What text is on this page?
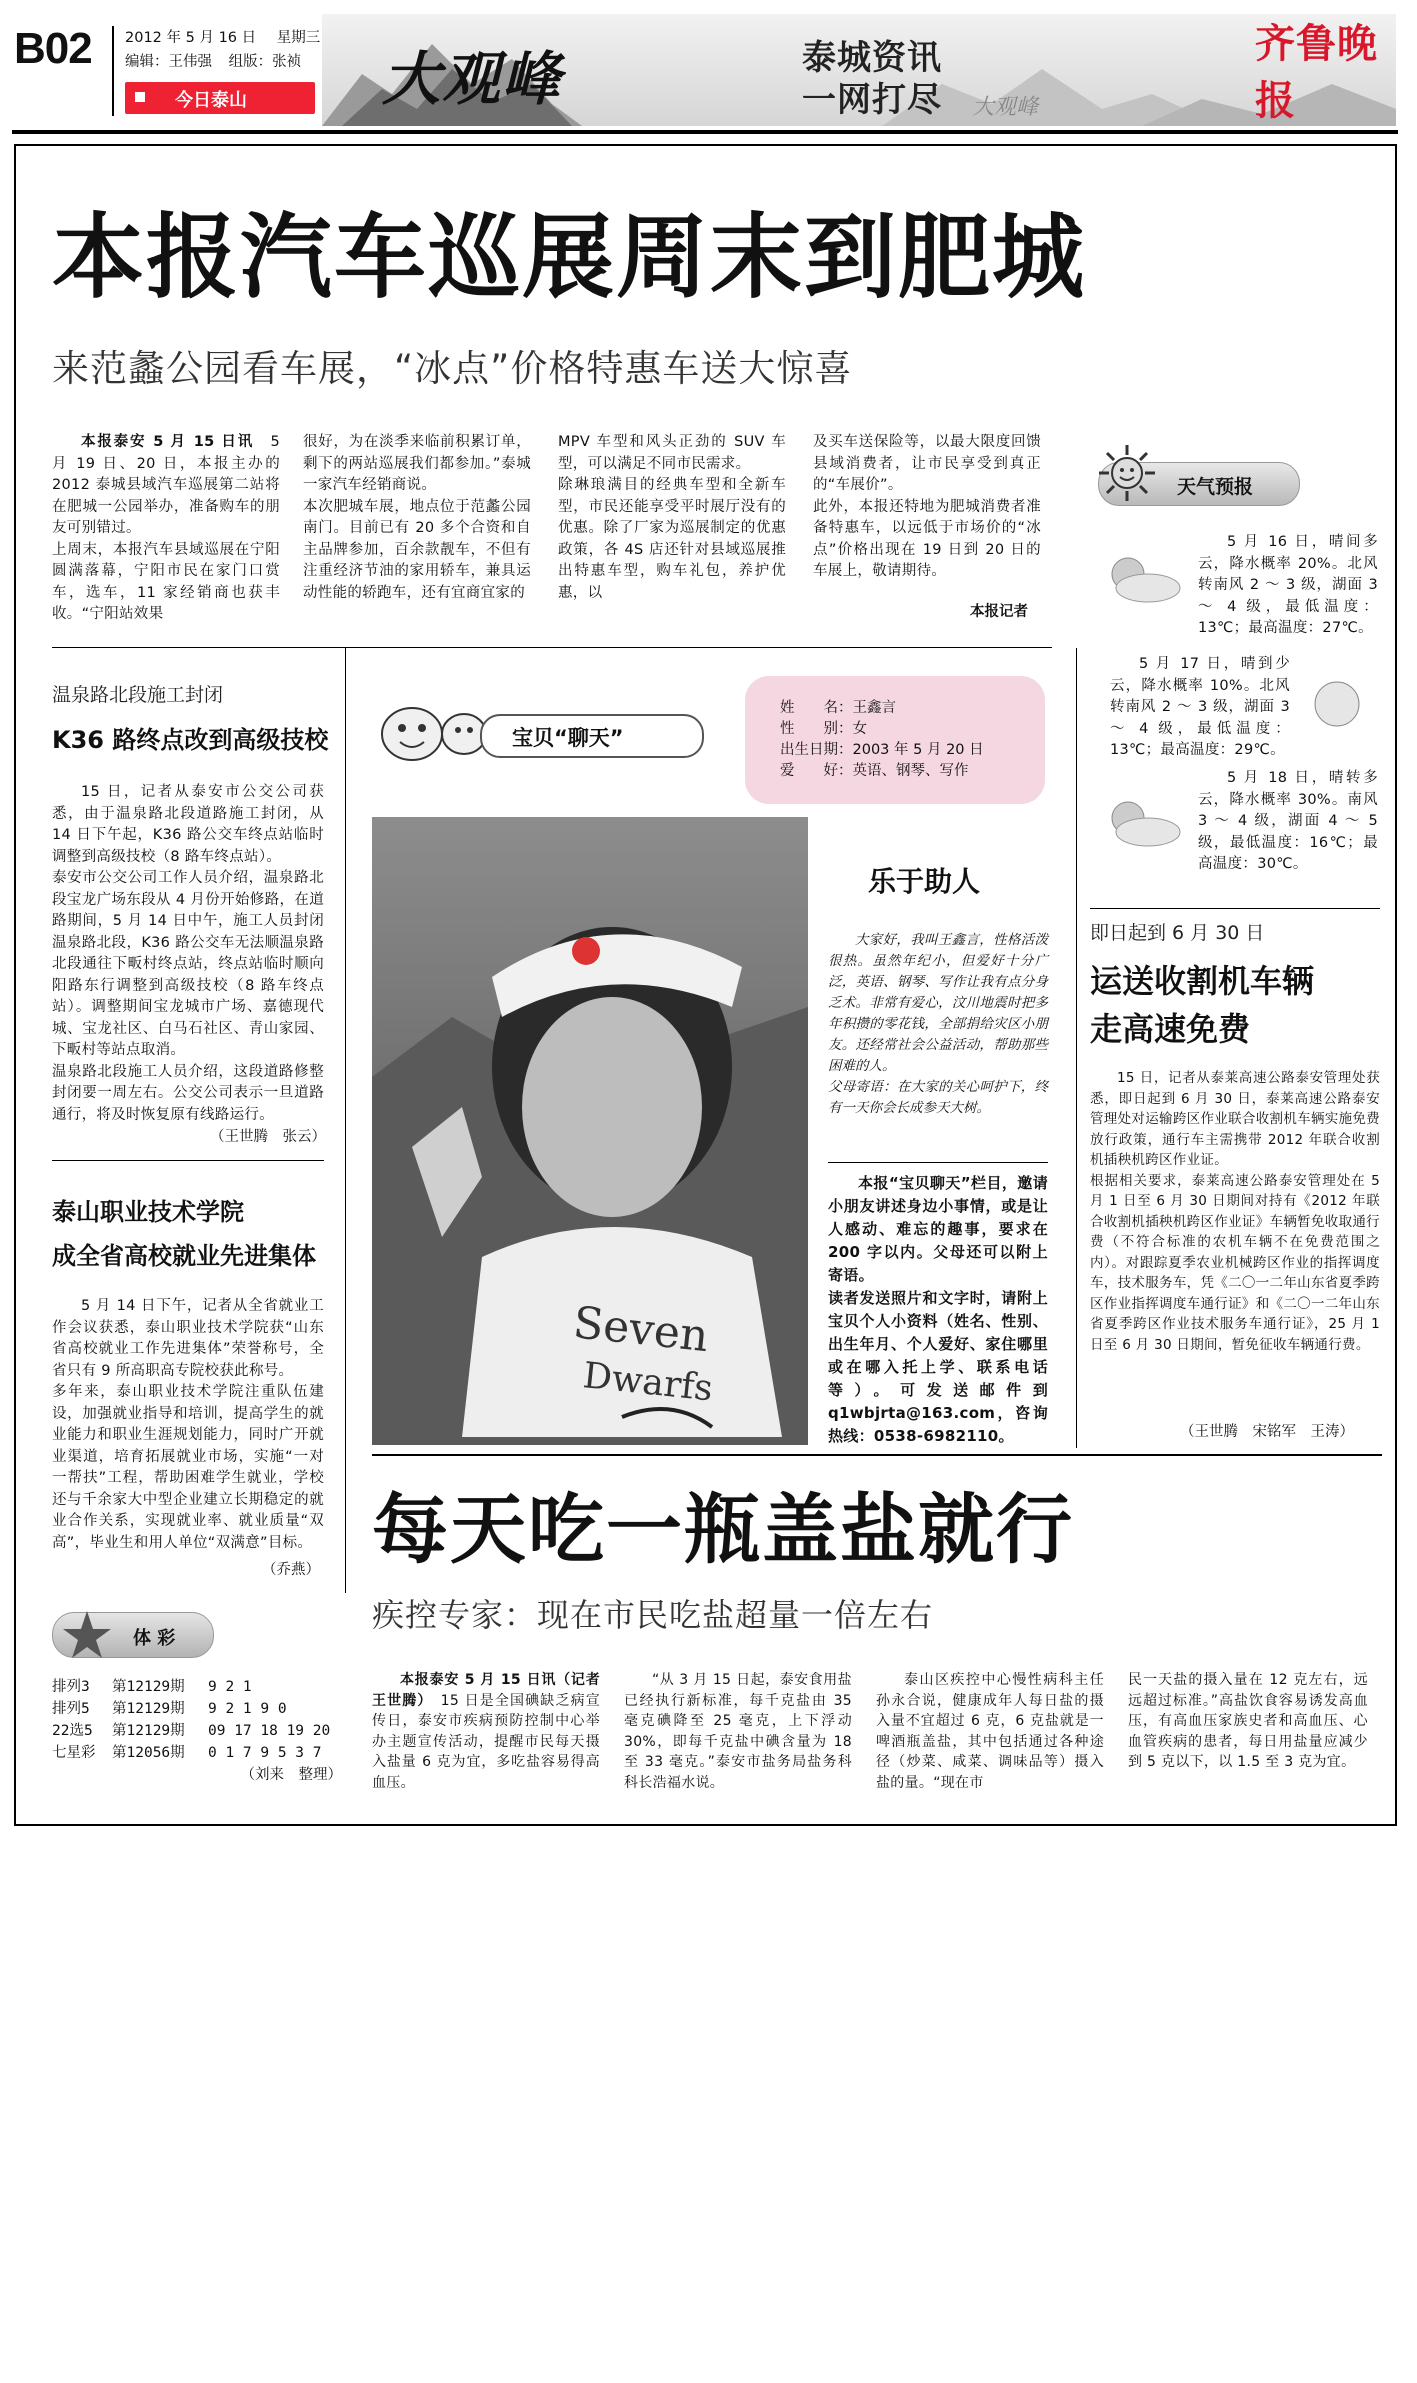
B02 2012 年 5 月 16 日 星期三
编辑：王伟强 组版：张祯
今日泰山 大观峰	泰城资讯
一网打尽 大观峰
齐鲁晚报
本报汽车巡展周末到肥城
来范蠡公园看车展，“冰点”价格特惠车送大惊喜

本报泰安 5 月 15 日讯　 5 月 19 日、20 日，本报主办的 2012 泰城县域汽车巡展第二站将在肥城一公园举办，准备购车的朋友可别错过。
上周末，本报汽车县域巡展在宁阳圆满落幕，宁阳市民在家门口赏车，选车，11 家经销商也获丰收。“宁阳站效果

很好，为在淡季来临前积累订单，剩下的两站巡展我们都参加。”泰城一家汽车经销商说。
本次肥城车展，地点位于范蠡公园南门。目前已有 20 多个合资和自主品牌参加，百余款靓车，不但有注重经济节油的家用轿车，兼具运动性能的轿跑车，还有宜商宜家的
MPV 车型和风头正劲的 SUV 车型，可以满足不同市民需求。
除琳琅满目的经典车型和全新车型，市民还能享受平时展厅没有的优惠。除了厂家为巡展制定的优惠政策，各 4S 店还针对县域巡展推出特惠车型，购车礼包，养护优惠，以
及买车送保险等，以最大限度回馈县域消费者，让市民享受到真正的“车展价”。
此外，本报还特地为肥城消费者准备特惠车，以远低于市场价的“冰点”价格出现在 19 日到 20 日的车展上，敬请期待。
本报记者
天气预报
5 月 16 日，晴间多云，降水概率 20%。北风转南风 2 ～ 3 级，湖面 3 ～ 4 级，最低温度：13℃；最高温度：27℃。
5 月 17 日，晴到少云，降水概率 10%。北风转南风 2 ～ 3 级，湖面 3 ～ 4 级，最低温度：13℃；最高温度：29℃。
5 月 18 日，晴转多云，降水概率 30%。南风 3 ～ 4 级，湖面 4 ～ 5 级，最低温度：16℃；最高温度：30℃。
温泉路北段施工封闭
K36 路终点改到高级技校
15 日，记者从泰安市公交公司获悉，由于温泉路北段道路施工封闭，从 14 日下午起，K36 路公交车终点站临时调整到高级技校（8 路车终点站）。
泰安市公交公司工作人员介绍，温泉路北段宝龙广场东段从 4 月份开始修路，在道路期间，5 月 14 日中午，施工人员封闭温泉路北段，K36 路公交车无法顺温泉路北段通往下畈村终点站，终点站临时顺向阳路东行调整到高级技校（8 路车终点站）。调整期间宝龙城市广场、嘉德现代城、宝龙社区、白马石社区、青山家园、下畈村等站点取消。
温泉路北段施工人员介绍，这段道路修整封闭要一周左右。公交公司表示一旦道路通行，将及时恢复原有线路运行。
（王世腾　张云）
泰山职业技术学院
成全省高校就业先进集体
5 月 14 日下午，记者从全省就业工作会议获悉，泰山职业技术学院获“山东省高校就业工作先进集体”荣誉称号，全省只有 9 所高职高专院校获此称号。
多年来，泰山职业技术学院注重队伍建设，加强就业指导和培训，提高学生的就业能力和职业生涯规划能力，同时广开就业渠道，培育拓展就业市场，实施“一对一帮扶”工程，帮助困难学生就业，学校还与千余家大中型企业建立长期稳定的就业合作关系，实现就业率、就业质量“双高”，毕业生和用人单位“双满意”目标。
（乔燕）
体 彩
排列3 第12129期 9 2 1
排列5 第12129期 9 2 1 9 0
22选5 第12129期 09 17 18 19 20
七星彩 第12056期 0 1 7 9 5 3 7
（刘来　整理）
宝贝“聊天”
姓　　名：王鑫言
性　　别：女
出生日期：2003 年 5 月 20 日
爱　　好：英语、钢琴、写作
Seven
Dwarfs
乐于助人
大家好，我叫王鑫言，性格活泼很热。虽然年纪小，但爱好十分广泛，英语、钢琴、写作让我有点分身乏术。非常有爱心，汶川地震时把多年积攒的零花钱，全部捐给灾区小朋友。还经常社会公益活动，帮助那些困难的人。
父母寄语：在大家的关心呵护下，终有一天你会长成参天大树。
本报“宝贝聊天”栏目，邀请小朋友讲述身边小事情，或是让人感动、难忘的趣事，要求在 200 字以内。父母还可以附上寄语。
读者发送照片和文字时，请附上宝贝个人小资料（姓名、性别、出生年月、个人爱好、家住哪里或在哪入托上学、联系电话等）。可发送邮件到 q1wbjrta@163.com，咨询热线：0538-6982110。
即日起到 6 月 30 日
运送收割机车辆
走高速免费
15 日，记者从泰莱高速公路泰安管理处获悉，即日起到 6 月 30 日，泰莱高速公路泰安管理处对运输跨区作业联合收割机车辆实施免费放行政策，通行车主需携带 2012 年联合收割机插秧机跨区作业证。
根据相关要求，泰莱高速公路泰安管理处在 5 月 1 日至 6 月 30 日期间对持有《2012 年联合收割机插秧机跨区作业证》车辆暂免收取通行费（不符合标准的农机车辆不在免费范围之内）。对跟踪夏季农业机械跨区作业的指挥调度车，技术服务车，凭《二〇一二年山东省夏季跨区作业指挥调度车通行证》和《二〇一二年山东省夏季跨区作业技术服务车通行证》，25 月 1 日至 6 月 30 日期间，暂免征收车辆通行费。
（王世腾　宋铭军　王涛）
每天吃一瓶盖盐就行
疾控专家：现在市民吃盐超量一倍左右
本报泰安 5 月 15 日讯（记者　王世腾）　 15 日是全国碘缺乏病宣传日，泰安市疾病预防控制中心举办主题宣传活动，提醒市民每天摄入盐量 6 克为宜，多吃盐容易得高血压。
“从 3 月 15 日起，泰安食用盐已经执行新标准，每千克盐由 35 毫克碘降至 25 毫克，上下浮动 30%，即每千克盐中碘含量为 18 至 33 毫克。”泰安市盐务局盐务科科长浩福水说。
泰山区疾控中心慢性病科主任孙永合说，健康成年人每日盐的摄入量不宜超过 6 克，6 克盐就是一啤酒瓶盖盐，其中包括通过各种途径（炒菜、咸菜、调味品等）摄入盐的量。“现在市
民一天盐的摄入量在 12 克左右，远远超过标准。”高盐饮食容易诱发高血压，有高血压家族史者和高血压、心血管疾病的患者，每日用盐量应减少到 5 克以下，以 1.5 至 3 克为宜。
